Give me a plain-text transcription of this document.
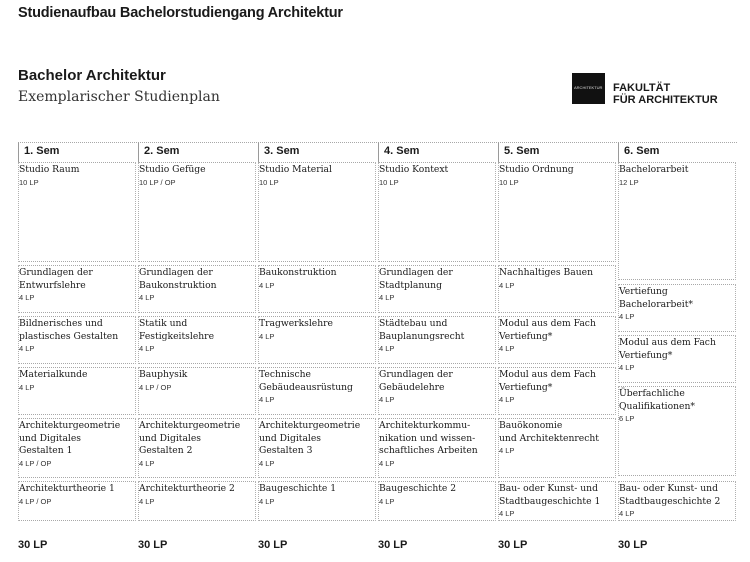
Studienaufbau Bachelorstudiengang Architektur
Bachelor Architektur
Exemplarischer Studienplan
ARCHITEKTUR FAKULTÄT
FÜR ARCHITEKTUR
1. Sem
Studio Raum
10 LP
Grundlagen der
Entwurfslehre
4 LP
Bildnerisches und
plastisches Gestalten
4 LP
Materialkunde
4 LP
Architekturgeometrie
und Digitales
Gestalten 1
4 LP / OP
Architekturtheorie 1
4 LP / OP
30 LP
2. Sem
Studio Gefüge
10 LP / OP
Grundlagen der
Baukonstruktion
4 LP
Statik und
Festigkeitslehre
4 LP
Bauphysik
4 LP / OP
Architekturgeometrie
und Digitales
Gestalten 2
4 LP
Architekturtheorie 2
4 LP
30 LP
3. Sem
Studio Material
10 LP
Baukonstruktion
4 LP
Tragwerkslehre
4 LP
Technische
Gebäudeausrüstung
4 LP
Architekturgeometrie
und Digitales
Gestalten 3
4 LP
Baugeschichte 1
4 LP
30 LP
4. Sem
Studio Kontext
10 LP
Grundlagen der
Stadtplanung
4 LP
Städtebau und
Bauplanungsrecht
4 LP
Grundlagen der
Gebäudelehre
4 LP
Architekturkommu-
nikation und wissen-
schaftliches Arbeiten
4 LP
Baugeschichte 2
4 LP
30 LP
5. Sem
Studio Ordnung
10 LP
Nachhaltiges Bauen
4 LP
Modul aus dem Fach
Vertiefung*
4 LP
Modul aus dem Fach
Vertiefung*
4 LP
Bauökonomie
und Architektenrecht
4 LP
Bau- oder Kunst- und
Stadtbaugeschichte 1
4 LP
30 LP
6. Sem
Bachelorarbeit
12 LP
Vertiefung
Bachelorarbeit*
4 LP
Modul aus dem Fach
Vertiefung*
4 LP
Überfachliche
Qualifikationen*
6 LP
Bau- oder Kunst- und
Stadtbaugeschichte 2
4 LP
30 LP
